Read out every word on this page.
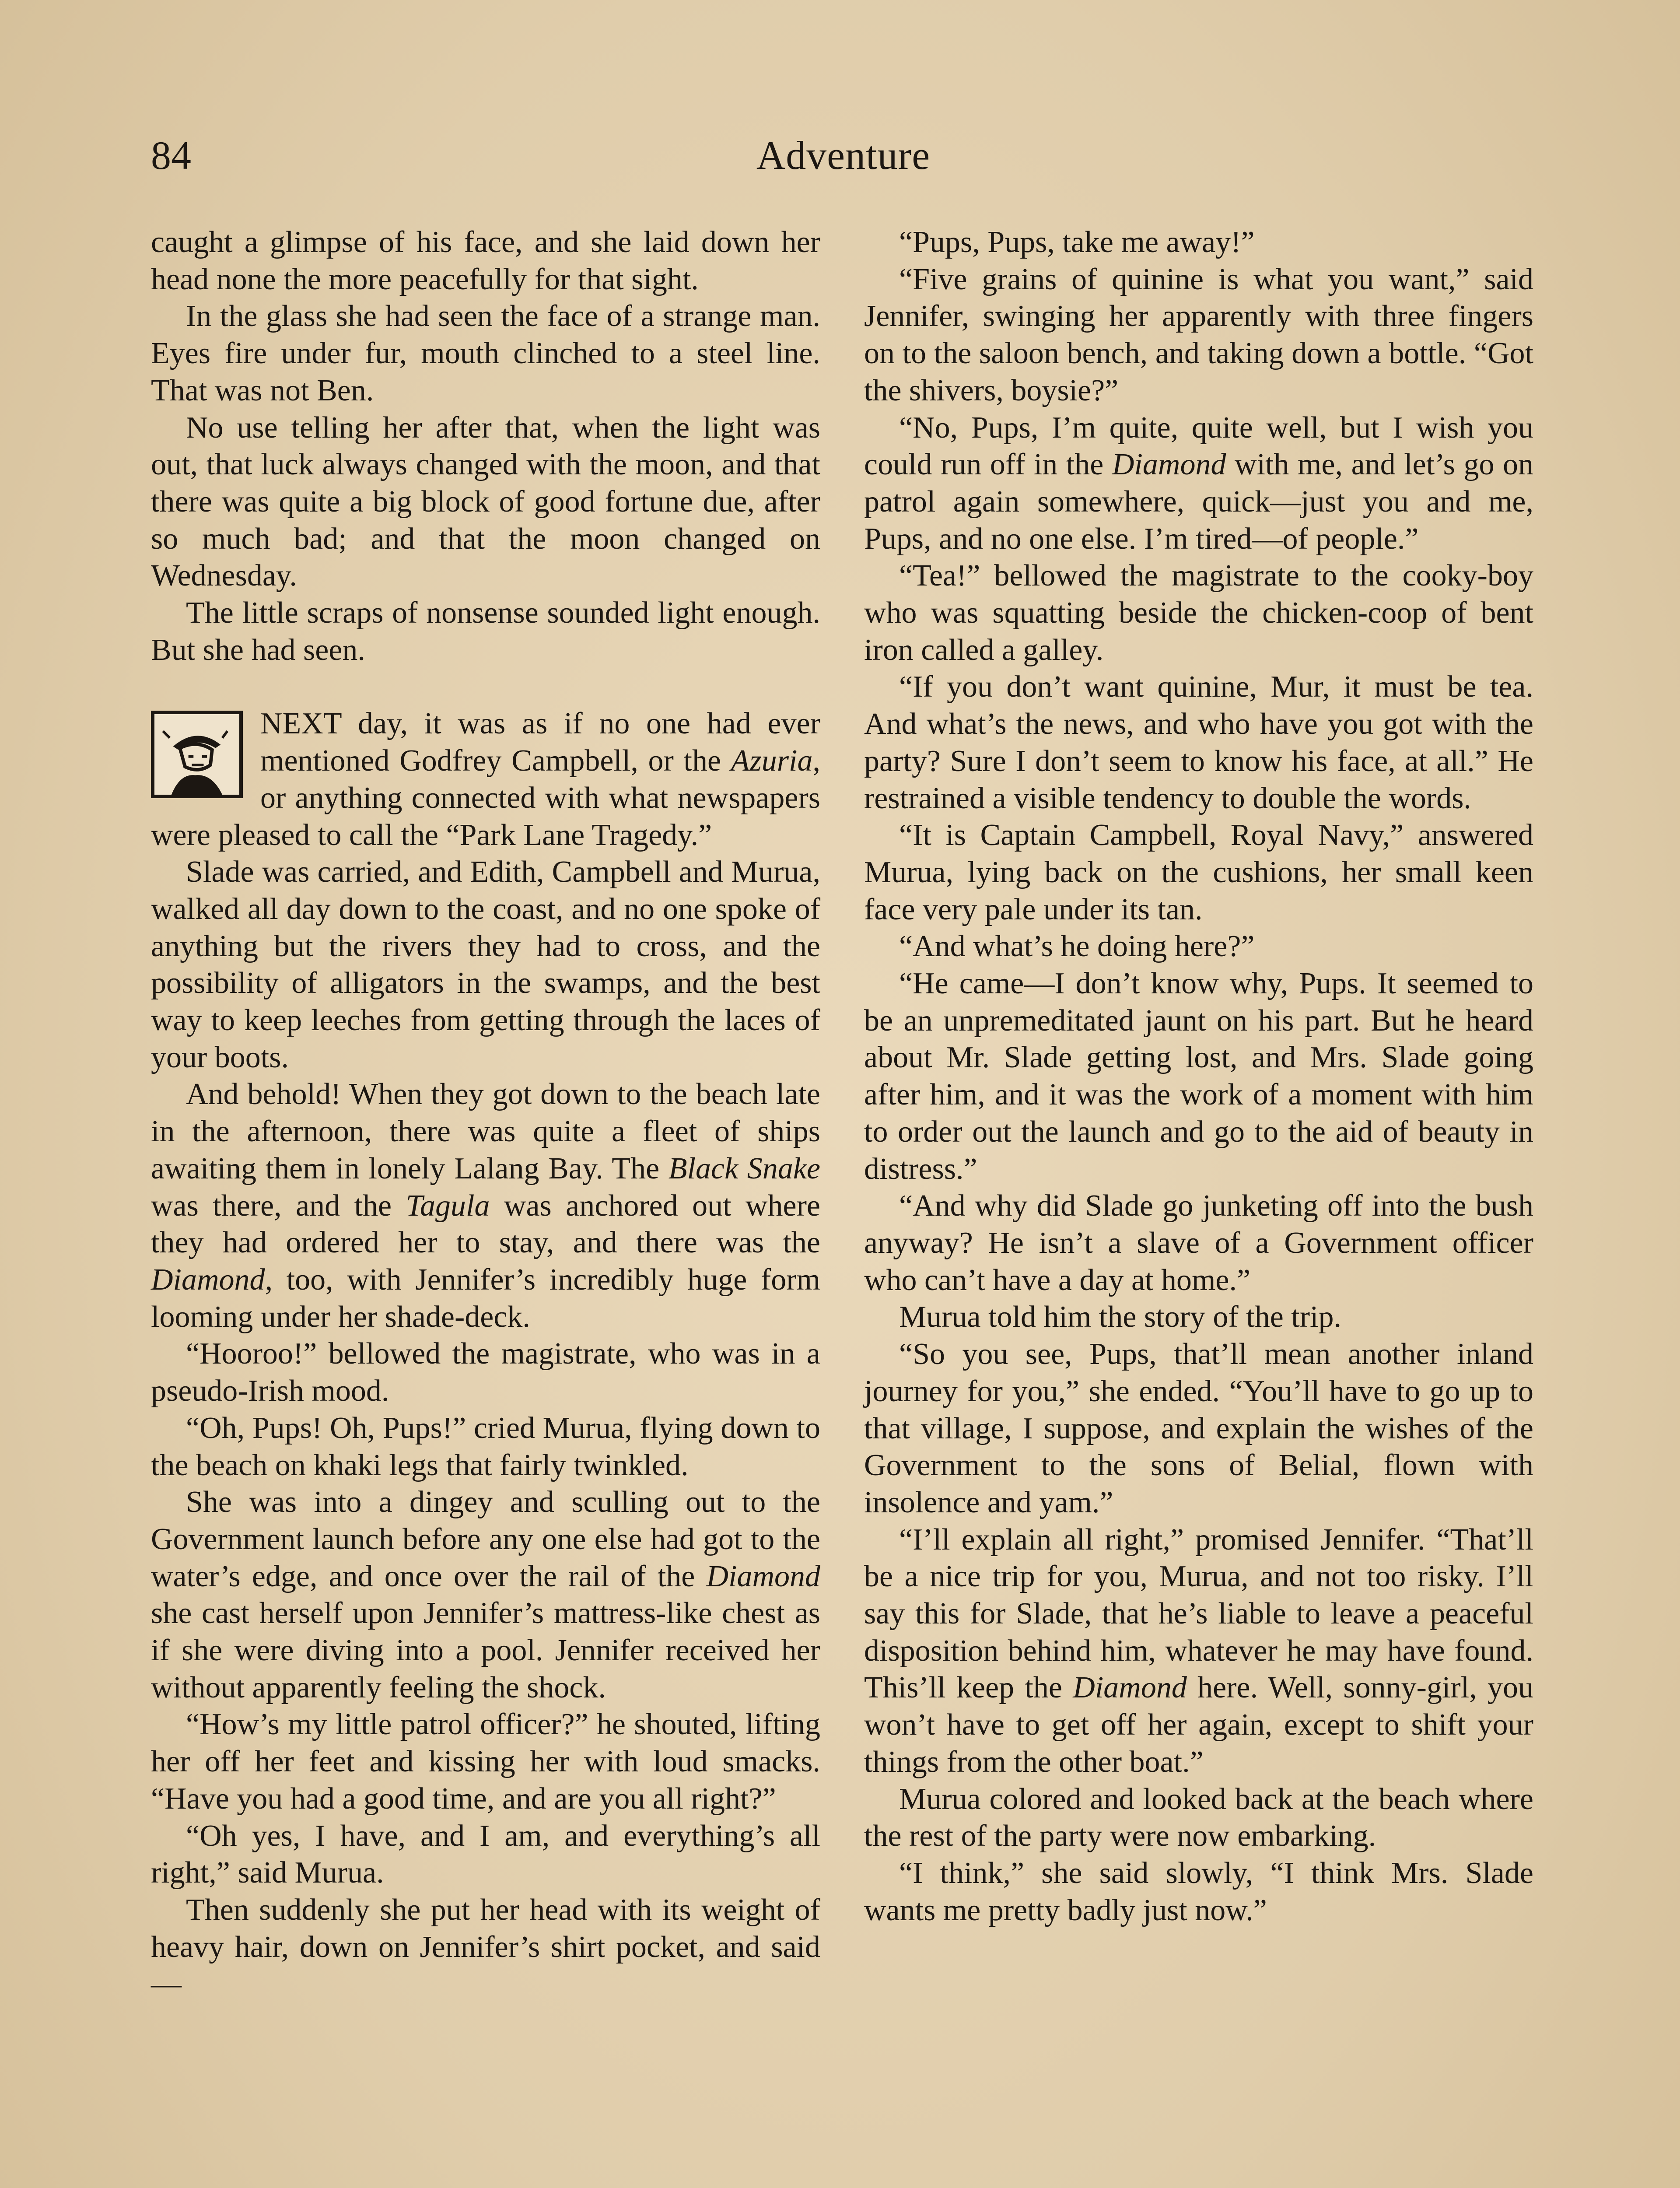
84	Adventure

caught a glimpse of his face, and she laid down her head none the more peacefully for that sight.

In the glass she had seen the face of a strange man. Eyes fire under fur, mouth clinched to a steel line. That was not Ben.

No use telling her after that, when the light was out, that luck always changed with the moon, and that there was quite a big block of good fortune due, after so much bad; and that the moon changed on Wednesday.

The little scraps of nonsense sounded light enough. But she had seen.

NEXT day, it was as if no one had ever mentioned Godfrey Campbell, or the Azuria, or anything connected with what newspapers were pleased to call the “Park Lane Tragedy.”

Slade was carried, and Edith, Campbell and Murua, walked all day down to the coast, and no one spoke of anything but the rivers they had to cross, and the possibility of alligators in the swamps, and the best way to keep leeches from getting through the laces of your boots.

And behold! When they got down to the beach late in the afternoon, there was quite a fleet of ships awaiting them in lonely Lalang Bay. The Black Snake was there, and the Tagula was anchored out where they had ordered her to stay, and there was the Diamond, too, with Jennifer’s incredibly huge form looming under her shade-deck.

“Hooroo!” bellowed the magistrate, who was in a pseudo-Irish mood.

“Oh, Pups! Oh, Pups!” cried Murua, flying down to the beach on khaki legs that fairly twinkled.

She was into a dingey and sculling out to the Government launch before any one else had got to the water’s edge, and once over the rail of the Diamond she cast herself upon Jennifer’s mattress-like chest as if she were diving into a pool. Jennifer received her without apparently feeling the shock.

“How’s my little patrol officer?” he shouted, lifting her off her feet and kissing her with loud smacks. “Have you had a good time, and are you all right?”

“Oh yes, I have, and I am, and everything’s all right,” said Murua.

Then suddenly she put her head with its weight of heavy hair, down on Jennifer’s shirt pocket, and said—

“Pups, Pups, take me away!”

“Five grains of quinine is what you want,” said Jennifer, swinging her apparently with three fingers on to the saloon bench, and taking down a bottle. “Got the shivers, boysie?”

“No, Pups, I’m quite, quite well, but I wish you could run off in the Diamond with me, and let’s go on patrol again somewhere, quick—just you and me, Pups, and no one else. I’m tired—of people.”

“Tea!” bellowed the magistrate to the cooky-boy who was squatting beside the chicken-coop of bent iron called a galley.

“If you don’t want quinine, Mur, it must be tea. And what’s the news, and who have you got with the party? Sure I don’t seem to know his face, at all.” He restrained a visible tendency to double the words.

“It is Captain Campbell, Royal Navy,” answered Murua, lying back on the cushions, her small keen face very pale under its tan.

“And what’s he doing here?”

“He came—I don’t know why, Pups. It seemed to be an unpremeditated jaunt on his part. But he heard about Mr. Slade getting lost, and Mrs. Slade going after him, and it was the work of a moment with him to order out the launch and go to the aid of beauty in distress.”

“And why did Slade go junketing off into the bush anyway? He isn’t a slave of a Government officer who can’t have a day at home.”

Murua told him the story of the trip.

“So you see, Pups, that’ll mean another inland journey for you,” she ended. “You’ll have to go up to that village, I suppose, and explain the wishes of the Government to the sons of Belial, flown with insolence and yam.”

“I’ll explain all right,” promised Jennifer. “That’ll be a nice trip for you, Murua, and not too risky. I’ll say this for Slade, that he’s liable to leave a peaceful disposition behind him, whatever he may have found. This’ll keep the Diamond here. Well, sonny-girl, you won’t have to get off her again, except to shift your things from the other boat.”

Murua colored and looked back at the beach where the rest of the party were now embarking.

“I think,” she said slowly, “I think Mrs. Slade wants me pretty badly just now.”
